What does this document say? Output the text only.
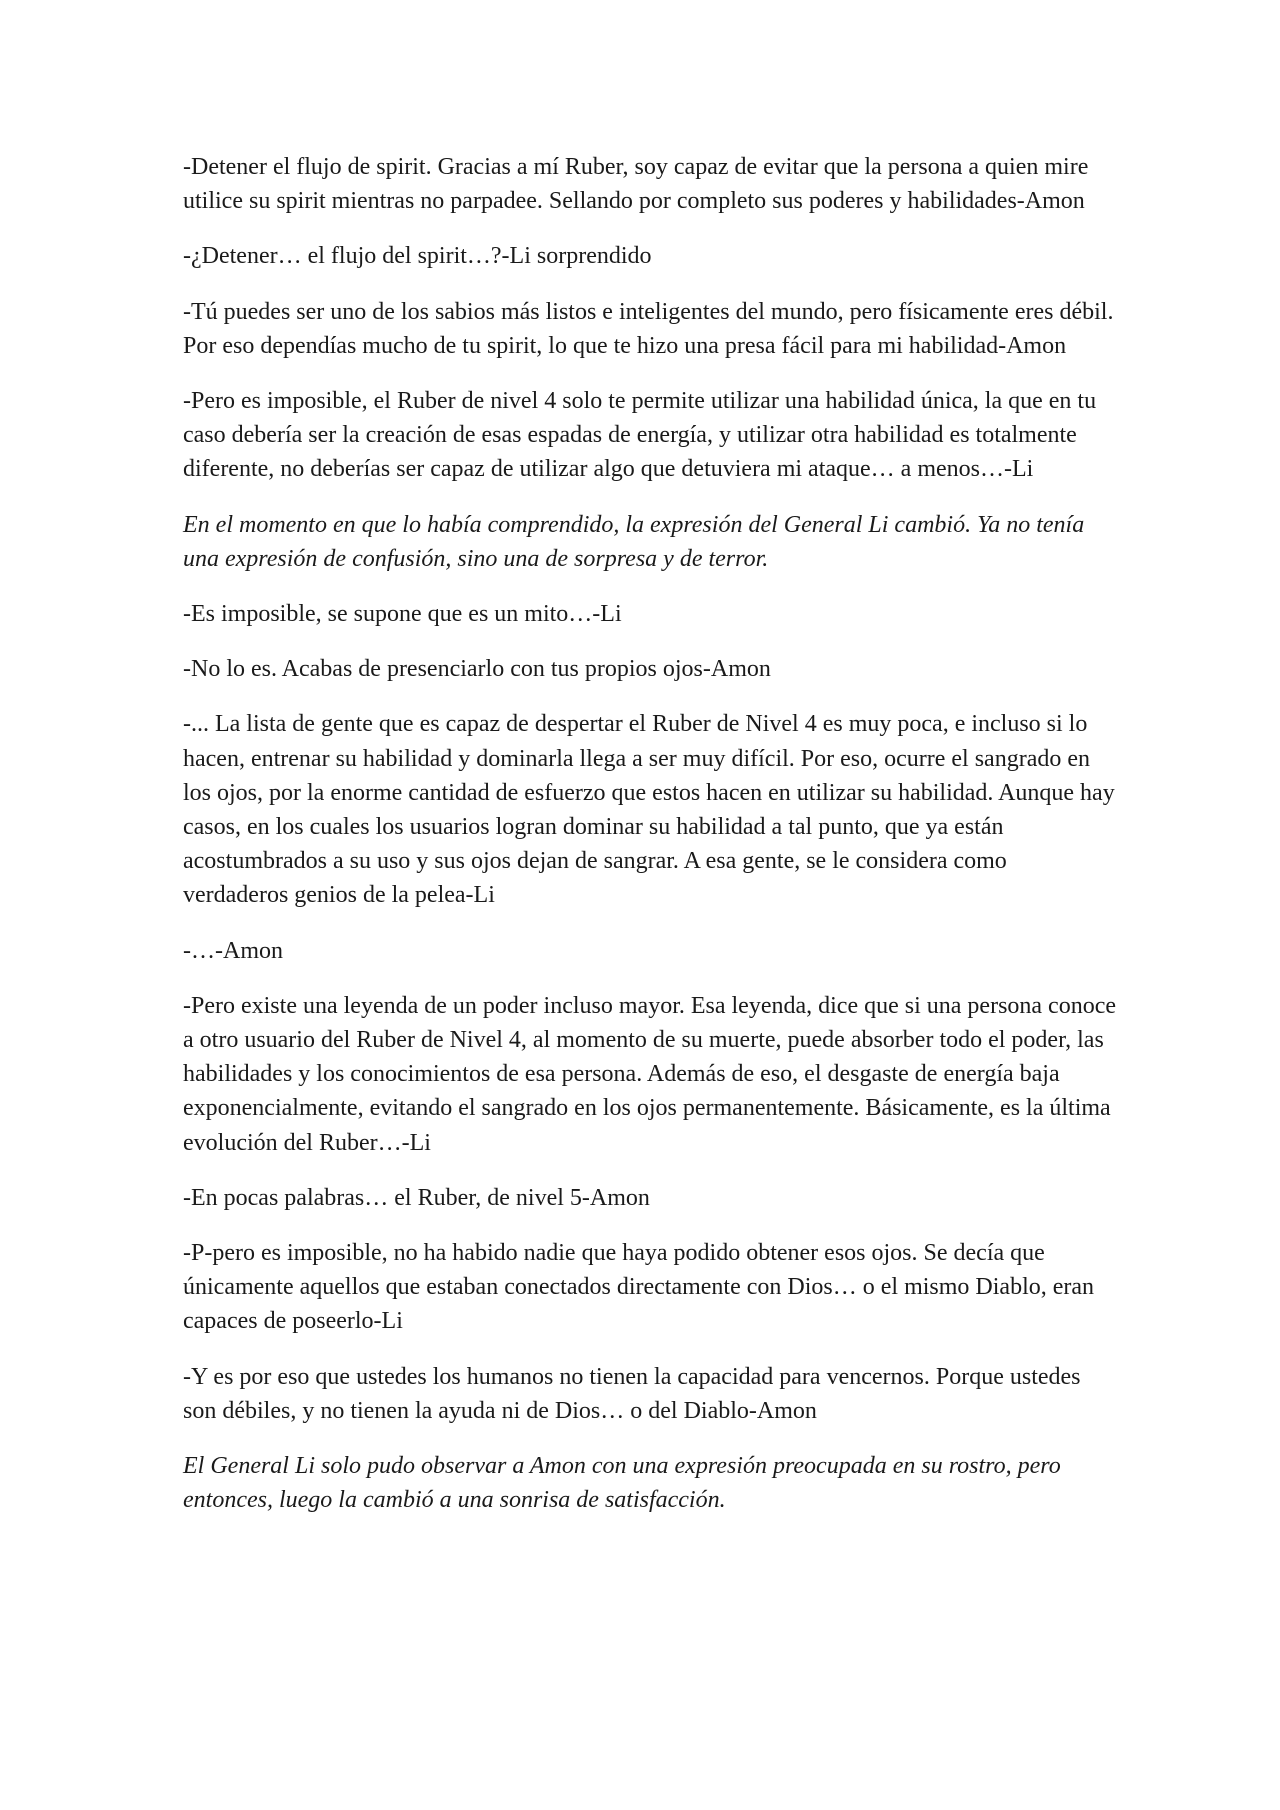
-Detener el flujo de spirit. Gracias a mí Ruber, soy capaz de evitar que la persona a quien mire utilice su spirit mientras no parpadee. Sellando por completo sus poderes y habilidades-Amon

-¿Detener… el flujo del spirit…?-Li sorprendido

-Tú puedes ser uno de los sabios más listos e inteligentes del mundo, pero físicamente eres débil. Por eso dependías mucho de tu spirit, lo que te hizo una presa fácil para mi habilidad-Amon

-Pero es imposible, el Ruber de nivel 4 solo te permite utilizar una habilidad única, la que en tu caso debería ser la creación de esas espadas de energía, y utilizar otra habilidad es totalmente diferente, no deberías ser capaz de utilizar algo que detuviera mi ataque… a menos…-Li

En el momento en que lo había comprendido, la expresión del General Li cambió. Ya no tenía una expresión de confusión, sino una de sorpresa y de terror.

-Es imposible, se supone que es un mito…-Li

-No lo es. Acabas de presenciarlo con tus propios ojos-Amon

-... La lista de gente que es capaz de despertar el Ruber de Nivel 4 es muy poca, e incluso si lo hacen, entrenar su habilidad y dominarla llega a ser muy difícil. Por eso, ocurre el sangrado en los ojos, por la enorme cantidad de esfuerzo que estos hacen en utilizar su habilidad. Aunque hay casos, en los cuales los usuarios logran dominar su habilidad a tal punto, que ya están acostumbrados a su uso y sus ojos dejan de sangrar. A esa gente, se le considera como verdaderos genios de la pelea-Li

-…-Amon

-Pero existe una leyenda de un poder incluso mayor. Esa leyenda, dice que si una persona conoce a otro usuario del Ruber de Nivel 4, al momento de su muerte, puede absorber todo el poder, las habilidades y los conocimientos de esa persona. Además de eso, el desgaste de energía baja exponencialmente, evitando el sangrado en los ojos permanentemente. Básicamente, es la última evolución del Ruber…-Li

-En pocas palabras… el Ruber, de nivel 5-Amon

-P-pero es imposible, no ha habido nadie que haya podido obtener esos ojos. Se decía que únicamente aquellos que estaban conectados directamente con Dios… o el mismo Diablo, eran capaces de poseerlo-Li

-Y es por eso que ustedes los humanos no tienen la capacidad para vencernos. Porque ustedes son débiles, y no tienen la ayuda ni de Dios… o del Diablo-Amon

El General Li solo pudo observar a Amon con una expresión preocupada en su rostro, pero entonces, luego la cambió a una sonrisa de satisfacción.
